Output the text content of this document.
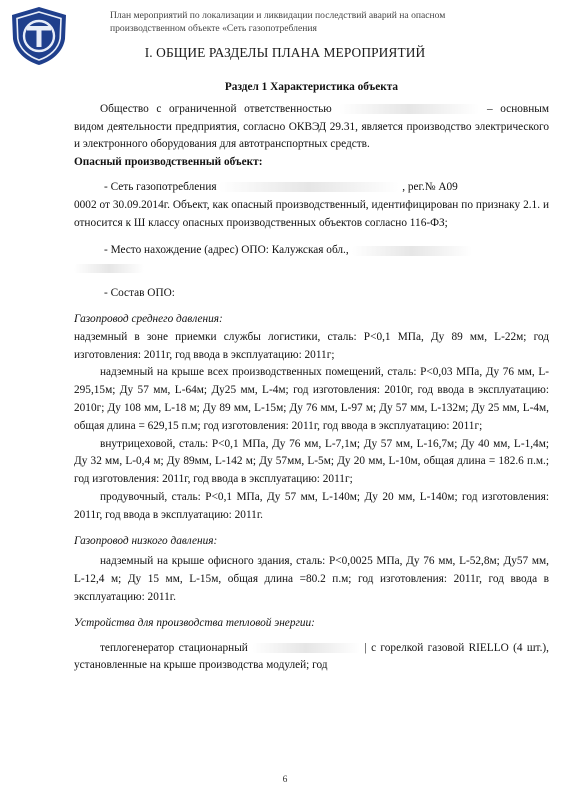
План мероприятий по локализации и ликвидации последствий аварий на опасном
производственном объекте «Сеть газопотребления
I. ОБЩИЕ РАЗДЕЛЫ ПЛАНА МЕРОПРИЯТИЙ

Раздел 1 Характеристика объекта

Общество с ограниченной ответственностью	– основным видом деятельности предприятия, согласно ОКВЭД 29.31, является производство электрического и электронного оборудования для автотранспортных средств.

Опасный производственный объект:

- Сеть газопотребления	, рег.№ А09

0002 от 30.09.2014г. Объект, как опасный производственный, идентифицирован по признаку 2.1. и относится к Ш классу опасных производственных объектов согласно 116-ФЗ;

- Место нахождение (адрес) ОПО: Калужская обл.,

- Состав ОПО:

Газопровод среднего давления:

надземный в зоне приемки службы логистики, сталь: Р<0,1 МПа, Ду 89 мм, L-22м; год изготовления: 2011г, год ввода в эксплуатацию: 2011г;

надземный на крыше всех производственных помещений, сталь: Р<0,03 МПа, Ду 76 мм, L-295,15м; Ду 57 мм, L-64м; Ду25 мм, L-4м; год изготовления: 2010г, год ввода в эксплуатацию: 2010г; Ду 108 мм, L-18 м; Ду 89 мм, L-15м; Ду 76 мм, L-97 м; Ду 57 мм, L-132м; Ду 25 мм, L-4м, общая длина = 629,15 п.м; год изготовления: 2011г, год ввода в эксплуатацию: 2011г;

внутрицеховой, сталь: Р<0,1 МПа, Ду 76 мм, L-7,1м; Ду 57 мм, L-16,7м; Ду 40 мм, L-1,4м; Ду 32 мм, L-0,4 м; Ду 89мм, L-142 м; Ду 57мм, L-5м; Ду 20 мм, L-10м, общая длина = 182.6 п.м.; год изготовления: 2011г, год ввода в эксплуатацию: 2011г;

продувочный, сталь: Р<0,1 МПа, Ду 57 мм, L-140м; Ду 20 мм, L-140м; год изготовления: 2011г, год ввода в эксплуатацию: 2011г.

Газопровод низкого давления:

надземный на крыше офисного здания, сталь: Р<0,0025 МПа, Ду 76 мм, L-52,8м; Ду57 мм, L-12,4 м; Ду 15 мм, L-15м, общая длина =80.2 п.м; год изготовления: 2011г, год ввода в эксплуатацию: 2011г.

Устройства для производства тепловой энергии:

теплогенератор стационарный	| с горелкой газовой RIELLO (4 шт.), установленные на крыше производства модулей; год

6
